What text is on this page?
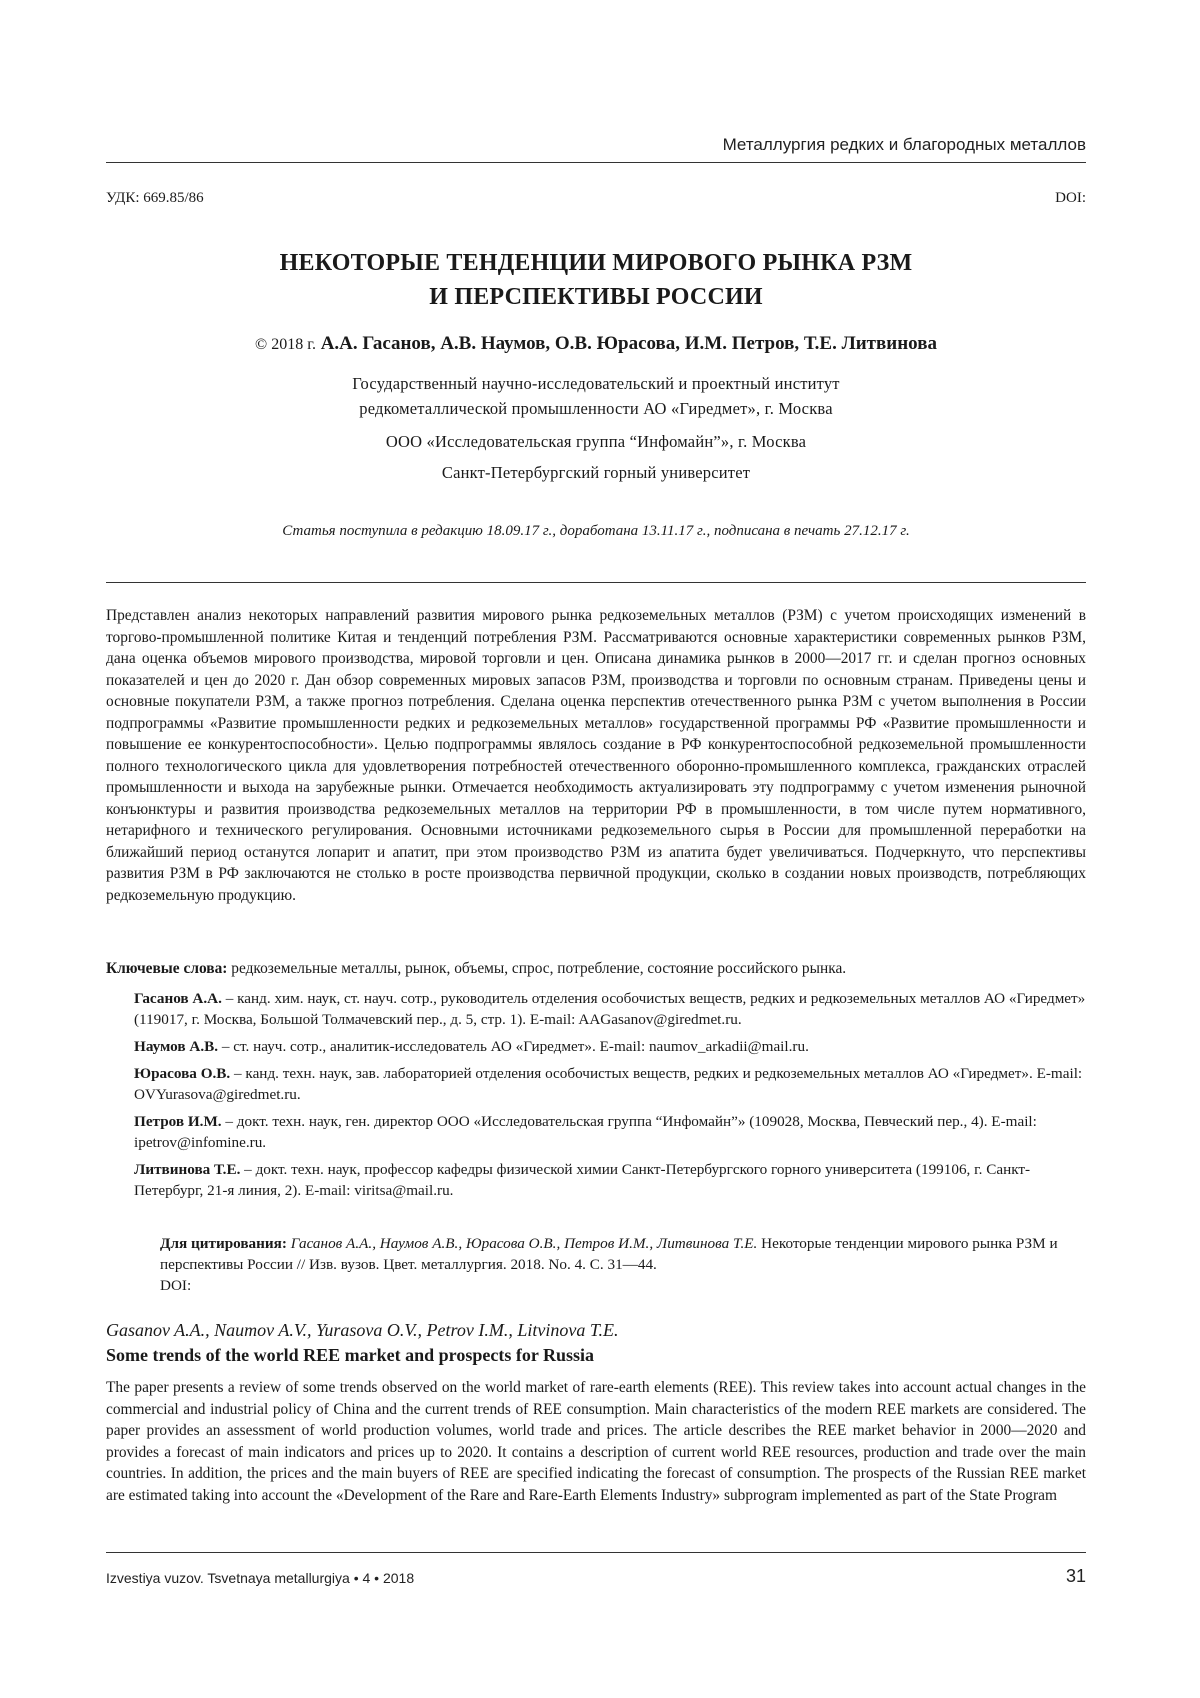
Металлургия редких и благородных металлов
УДК: 669.85/86	DOI:
НЕКОТОРЫЕ ТЕНДЕНЦИИ МИРОВОГО РЫНКА РЗМ
И ПЕРСПЕКТИВЫ РОССИИ
© 2018 г. А.А. Гасанов, А.В. Наумов, О.В. Юрасова, И.М. Петров, Т.Е. Литвинова
Государственный научно-исследовательский и проектный институт
редкометаллической промышленности АО «Гиредмет», г. Москва
ООО «Исследовательская группа “Инфомайн”», г. Москва
Санкт-Петербургский горный университет
Статья поступила в редакцию 18.09.17 г., доработана 13.11.17 г., подписана в печать 27.12.17 г.
Представлен анализ некоторых направлений развития мирового рынка редкоземельных металлов (РЗМ) с учетом происходящих изменений в торгово-промышленной политике Китая и тенденций потребления РЗМ. Рассматриваются основные характеристики современных рынков РЗМ, дана оценка объемов мирового производства, мировой торговли и цен. Описана динамика рынков в 2000—2017 гг. и сделан прогноз основных показателей и цен до 2020 г. Дан обзор современных мировых запасов РЗМ, производства и торговли по основным странам. Приведены цены и основные покупатели РЗМ, а также прогноз потребления. Сделана оценка перспектив отечественного рынка РЗМ с учетом выполнения в России подпрограммы «Развитие промышленности редких и редкоземельных металлов» государственной программы РФ «Развитие промышленности и повышение ее конкурентоспособности». Целью подпрограммы являлось создание в РФ конкурентоспособной редкоземельной промышленности полного технологического цикла для удовлетворения потребностей отечественного оборонно-промышленного комплекса, гражданских отраслей промышленности и выхода на зарубежные рынки. Отмечается необходимость актуализировать эту подпрограмму с учетом изменения рыночной конъюнктуры и развития производства редкоземельных металлов на территории РФ в промышленности, в том числе путем нормативного, нетарифного и технического регулирования. Основными источниками редкоземельного сырья в России для промышленной переработки на ближайший период останутся лопарит и апатит, при этом производство РЗМ из апатита будет увеличиваться. Подчеркнуто, что перспективы развития РЗМ в РФ заключаются не столько в росте производства первичной продукции, сколько в создании новых производств, потребляющих редкоземельную продукцию.
Ключевые слова: редкоземельные металлы, рынок, объемы, спрос, потребление, состояние российского рынка.
Гасанов А.А. – канд. хим. наук, ст. науч. сотр., руководитель отделения особочистых веществ, редких и редкоземельных металлов АО «Гиредмет» (119017, г. Москва, Большой Толмачевский пер., д. 5, стр. 1). E-mail: AAGasanov@giredmet.ru.
Наумов А.В. – ст. науч. сотр., аналитик-исследователь АО «Гиредмет». E-mail: naumov_arkadii@mail.ru.
Юрасова О.В. – канд. техн. наук, зав. лабораторией отделения особочистых веществ, редких и редкоземельных металлов АО «Гиредмет». E-mail: OVYurasova@giredmet.ru.
Петров И.М. – докт. техн. наук, ген. директор ООО «Исследовательская группа “Инфомайн”» (109028, Москва, Певческий пер., 4). E-mail: ipetrov@infomine.ru.
Литвинова Т.Е. – докт. техн. наук, профессор кафедры физической химии Санкт-Петербургского горного университета (199106, г. Санкт-Петербург, 21-я линия, 2). E-mail: viritsa@mail.ru.
Для цитирования: Гасанов А.А., Наумов А.В., Юрасова О.В., Петров И.М., Литвинова Т.Е. Некоторые тенденции мирового рынка РЗМ и перспективы России // Изв. вузов. Цвет. металлургия. 2018. No. 4. С. 31—44.
DOI:
Gasanov A.A., Naumov A.V., Yurasova O.V., Petrov I.M., Litvinova T.E.
Some trends of the world REE market and prospects for Russia
The paper presents a review of some trends observed on the world market of rare-earth elements (REE). This review takes into account actual changes in the commercial and industrial policy of China and the current trends of REE consumption. Main characteristics of the modern REE markets are considered. The paper provides an assessment of world production volumes, world trade and prices. The article describes the REE market behavior in 2000—2020 and provides a forecast of main indicators and prices up to 2020. It contains a description of current world REE resources, production and trade over the main countries. In addition, the prices and the main buyers of REE are specified indicating the forecast of consumption. The prospects of the Russian REE market are estimated taking into account the «Development of the Rare and Rare-Earth Elements Industry» subprogram implemented as part of the State Program
Izvestiya vuzov. Tsvetnaya metallurgiya • 4 • 2018	31
